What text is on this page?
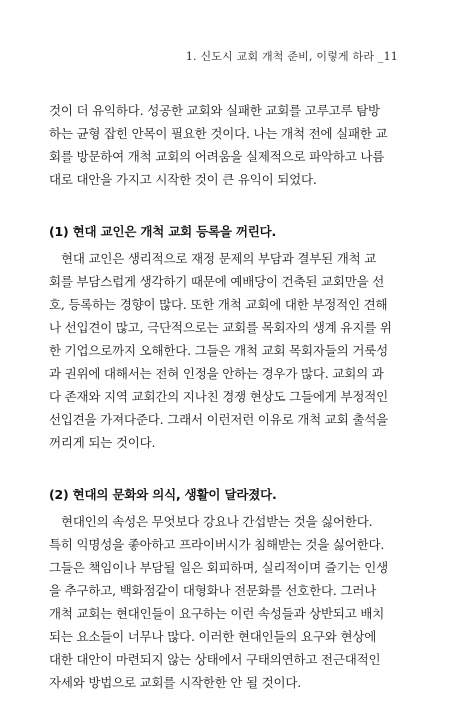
1. 신도시 교회 개척 준비, 이렇게 하라 _11
것이 더 유익하다. 성공한 교회와 실패한 교회를 고루고루 탐방
하는 균형 잡힌 안목이 필요한 것이다. 나는 개척 전에 실패한 교
회를 방문하여 개척 교회의 어려움을 실제적으로 파악하고 나름
대로 대안을 가지고 시작한 것이 큰 유익이 되었다.
(1) 현대 교인은 개척 교회 등록을 꺼린다.
현대 교인은 생리적으로 재정 문제의 부담과 결부된 개척 교
회를 부담스럽게 생각하기 때문에 예배당이 건축된 교회만을 선
호, 등록하는 경향이 많다. 또한 개척 교회에 대한 부정적인 견해
나 선입견이 많고, 극단적으로는 교회를 목회자의 생계 유지를 위
한 기업으로까지 오해한다. 그들은 개척 교회 목회자들의 거룩성
과 권위에 대해서는 전혀 인정을 안하는 경우가 많다. 교회의 과
다 존재와 지역 교회간의 지나친 경쟁 현상도 그들에게 부정적인
선입견을 가져다준다. 그래서 이런저런 이유로 개척 교회 출석을
꺼리게 되는 것이다.
(2) 현대의 문화와 의식, 생활이 달라졌다.
현대인의 속성은 무엇보다 강요나 간섭받는 것을 싫어한다.
특히 익명성을 좋아하고 프라이버시가 침해받는 것을 싫어한다.
그들은 책임이나 부담될 일은 회피하며, 실리적이며 즐기는 인생
을 추구하고, 백화점같이 대형화나 전문화를 선호한다. 그러나
개척 교회는 현대인들이 요구하는 이런 속성들과 상반되고 배치
되는 요소들이 너무나 많다. 이러한 현대인들의 요구와 현상에
대한 대안이 마련되지 않는 상태에서 구태의연하고 전근대적인
자세와 방법으로 교회를 시작한한 안 될 것이다.
